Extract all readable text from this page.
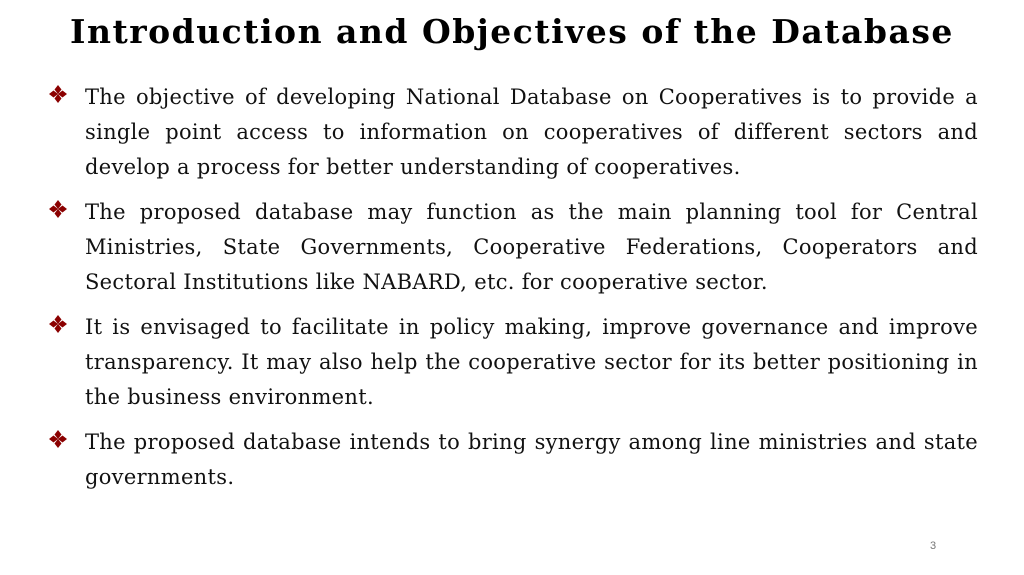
Introduction and Objectives of the Database
The objective of developing National Database on Cooperatives is to provide a single point access to information on cooperatives of different sectors and develop a process for better understanding of cooperatives.
The proposed database may function as the main planning tool for Central Ministries, State Governments, Cooperative Federations, Cooperators and Sectoral Institutions like NABARD, etc. for cooperative sector.
It is envisaged to facilitate in policy making, improve governance and improve transparency. It may also help the cooperative sector for its better positioning in the business environment.
The proposed database intends to bring synergy among line ministries and state governments.
3
